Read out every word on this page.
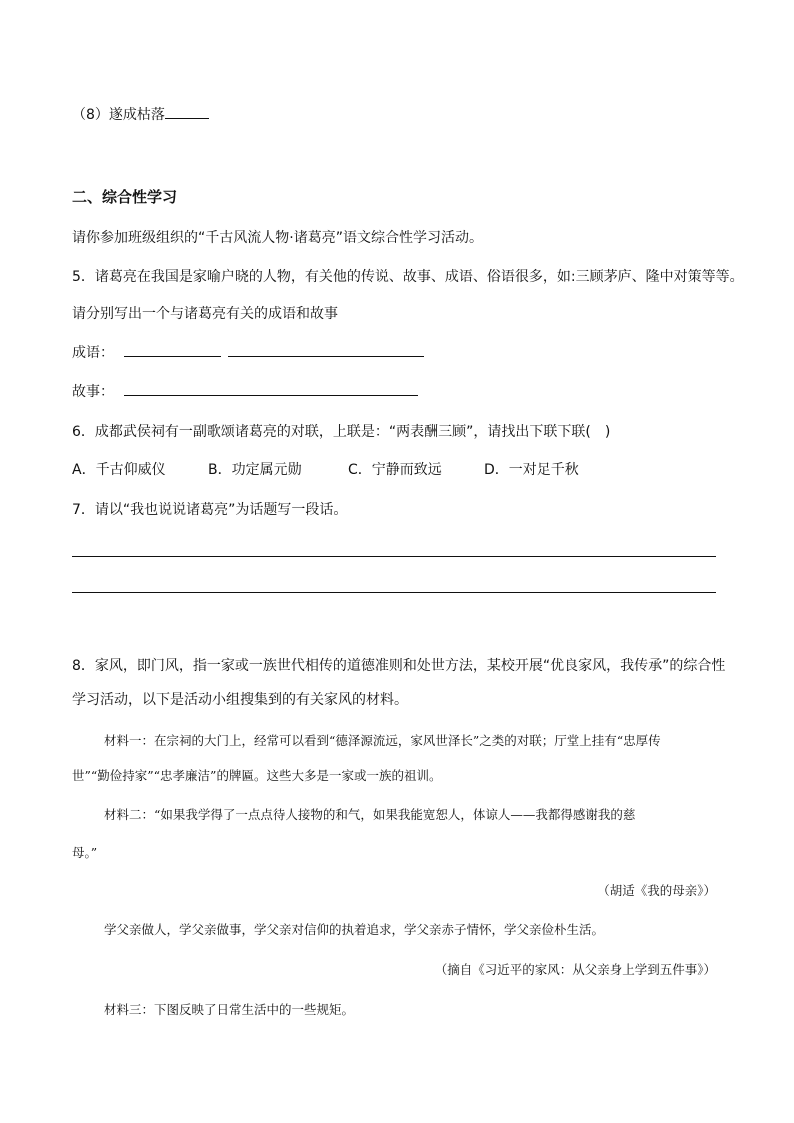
（8）遂成枯落
二、综合性学习
请你参加班级组织的“千古风流人物·诸葛亮”语文综合性学习活动。
5．诸葛亮在我国是家喻户晓的人物，有关他的传说、故事、成语、俗语很多，如:三顾茅庐、隆中对策等等。
请分别写出一个与诸葛亮有关的成语和故事
成语：
故事：
6．成都武侯祠有一副歌颂诸葛亮的对联，上联是：“两表酬三顾”，请找出下联下联(　)
A．千古仰威仪	B．功定属元勋	C．宁静而致远	D．一对足千秋
7．请以“我也说说诸葛亮”为话题写一段话。
8．家风，即门风，指一家或一族世代相传的道德准则和处世方法，某校开展“优良家风，我传承”的综合性
学习活动，以下是活动小组搜集到的有关家风的材料。
材料一：在宗祠的大门上，经常可以看到“德泽源流远，家风世泽长”之类的对联；厅堂上挂有“忠厚传
世”“勤俭持家”“忠孝廉洁”的牌匾。这些大多是一家或一族的祖训。
材料二：“如果我学得了一点点待人接物的和气，如果我能宽恕人，体谅人——我都得感谢我的慈
母。”
（胡适《我的母亲》）
学父亲做人，学父亲做事，学父亲对信仰的执着追求，学父亲赤子情怀，学父亲俭朴生活。
（摘自《习近平的家风：从父亲身上学到五件事》）
材料三：下图反映了日常生活中的一些规矩。
